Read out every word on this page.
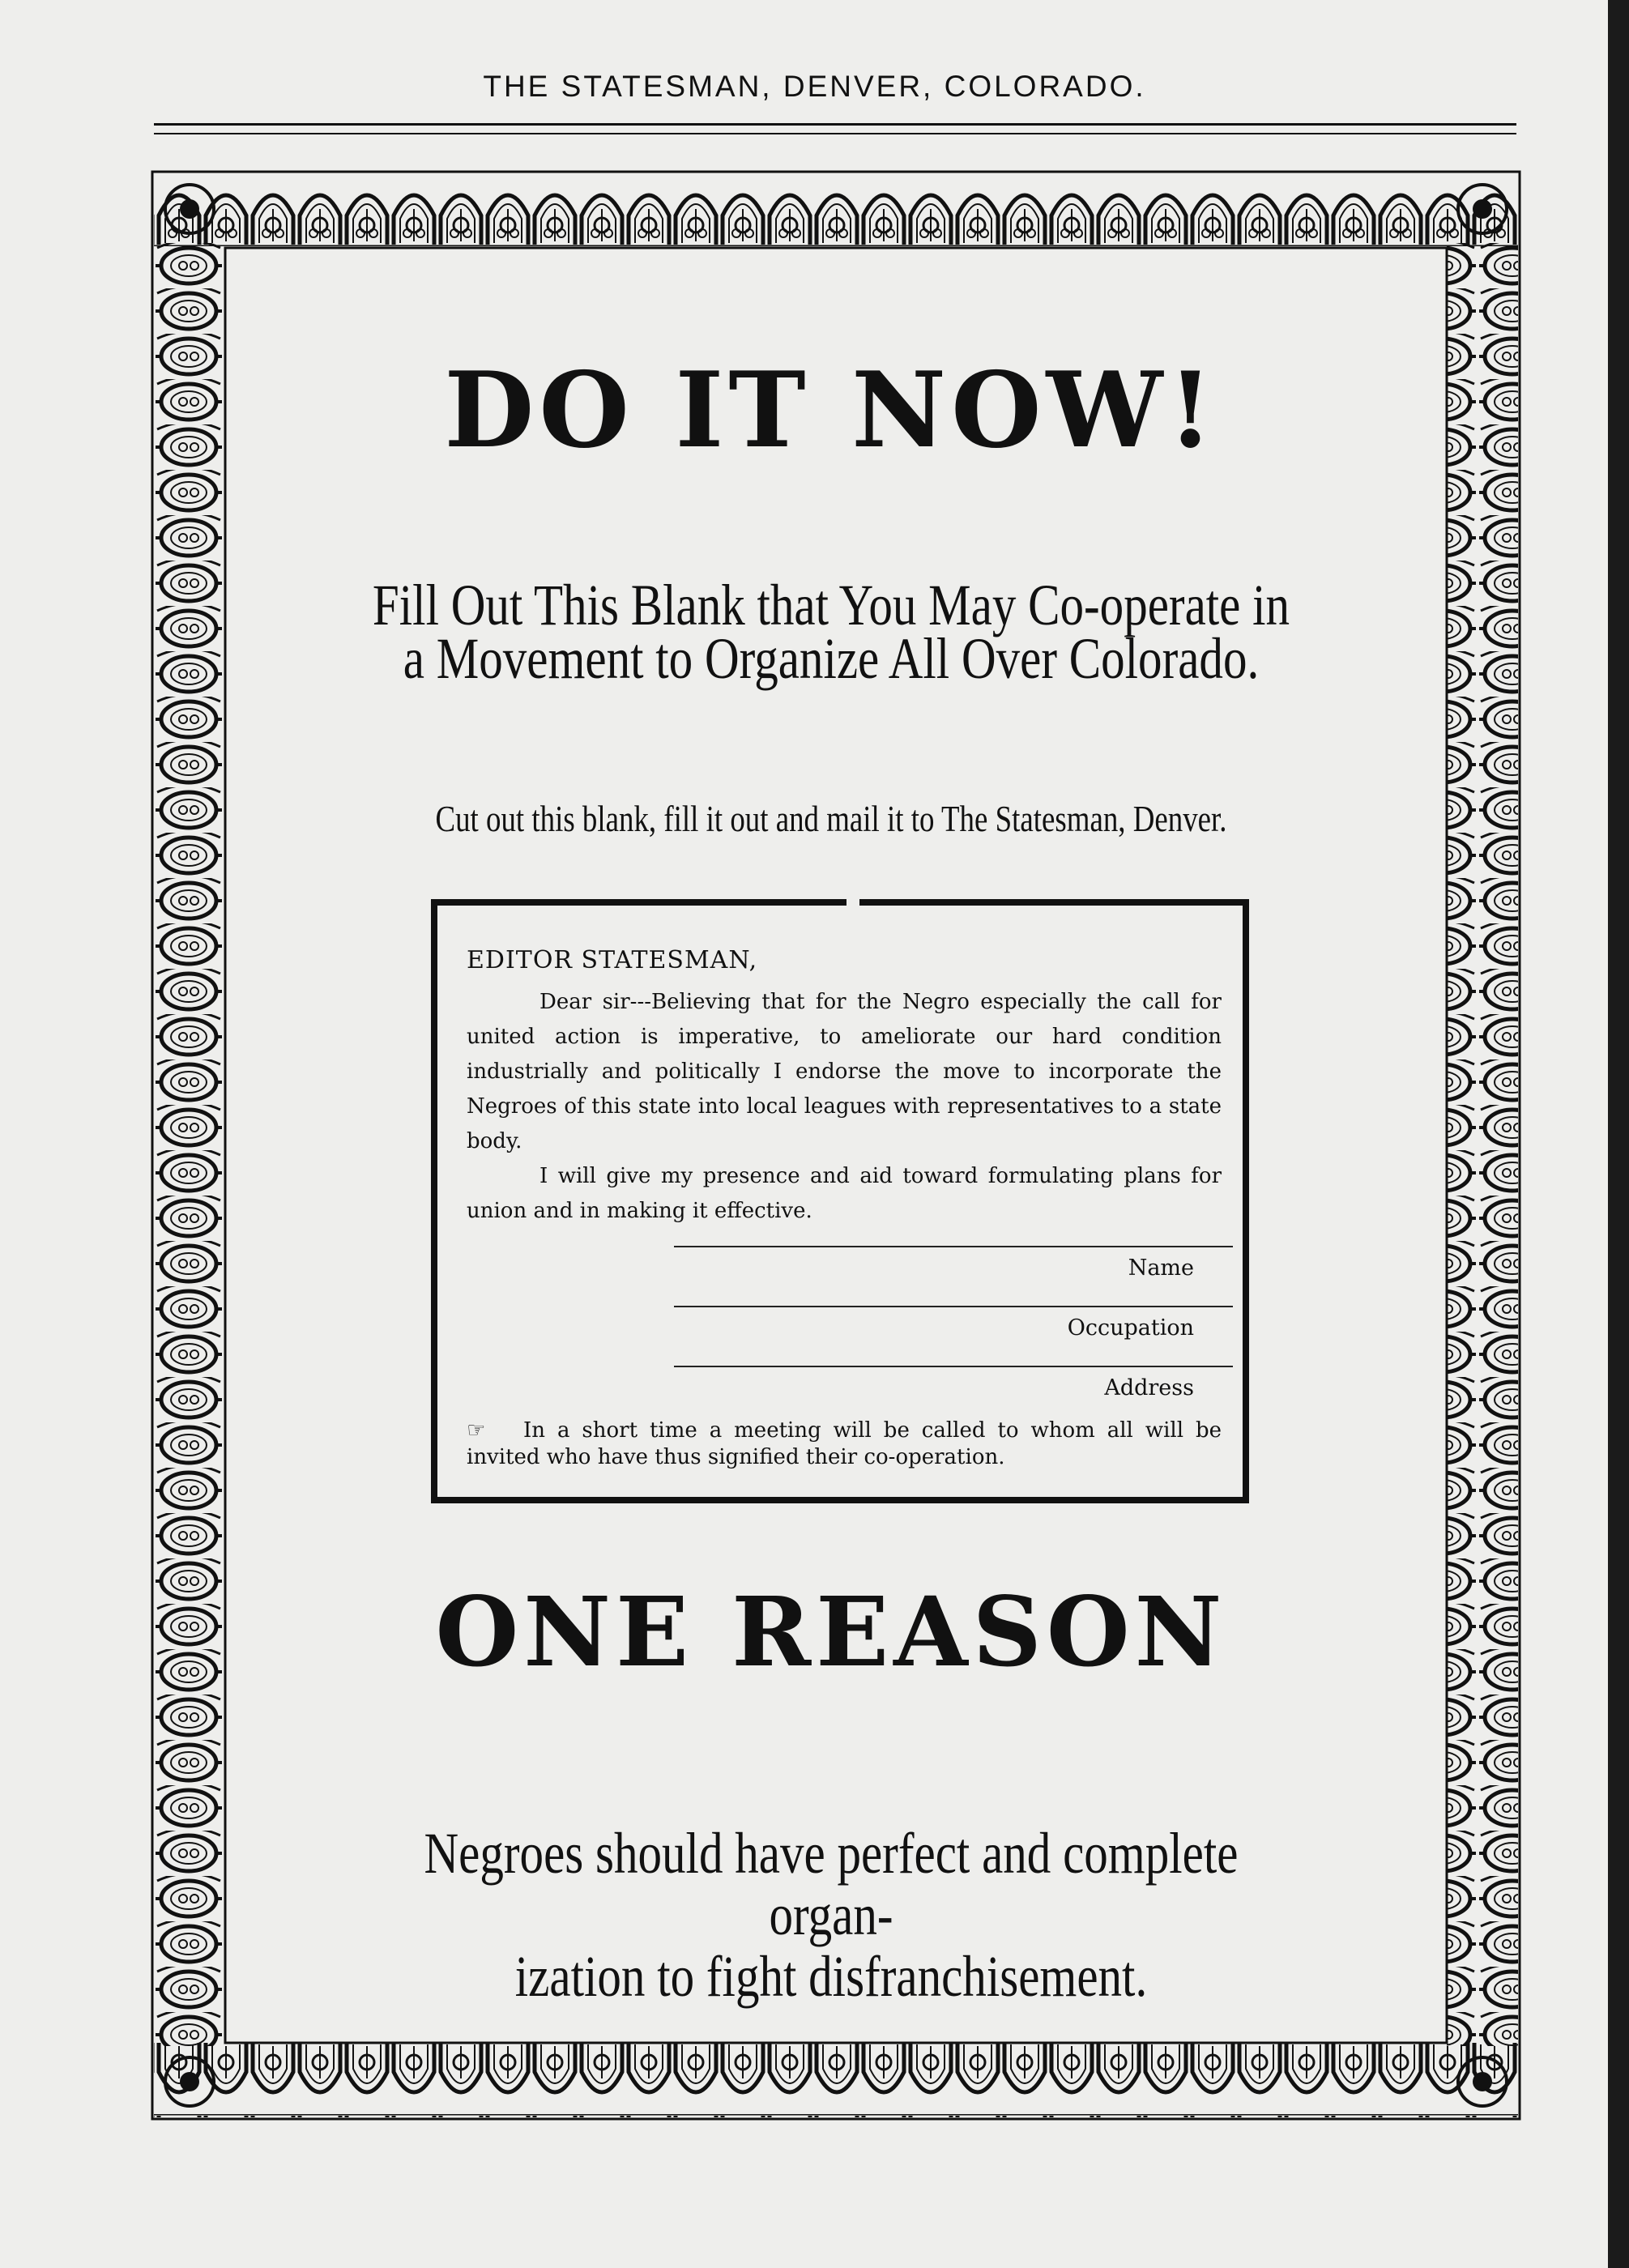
THE STATESMAN, DENVER, COLORADO.
DO IT NOW!
Fill Out This Blank that You May Co-operate in
a Movement to Organize All Over Colorado.
Cut out this blank, fill it out and mail it to The Statesman, Denver.
EDITOR STATESMAN,

Dear sir---Believing that for the Negro especially the call for united action is imperative, to ameliorate our hard condition industrially and politically I endorse the move to incorporate the Negroes of this state into local leagues with representatives to a state body.

I will give my presence and aid toward formulating plans for union and in making it effective.

Name
Occupation
Address
☞ In a short time a meeting will be called to whom all will be invited who have thus signified their co-operation.
ONE REASON
Negroes should have perfect and complete organ-
ization to fight disfranchisement.
